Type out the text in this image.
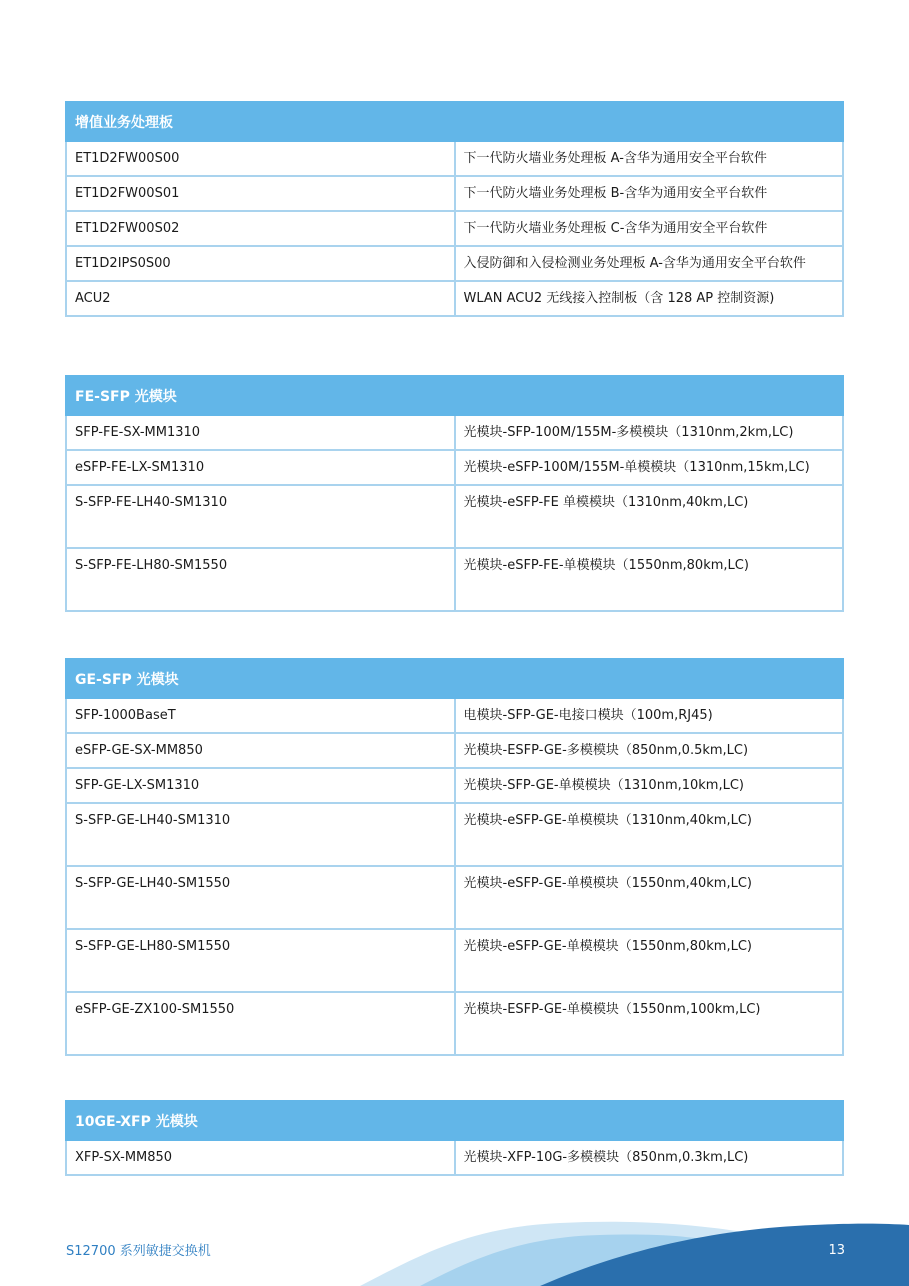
增值业务处理板	
ET1D2FW00S00	下一代防火墙业务处理板 A-含华为通用安全平台软件
ET1D2FW00S01	下一代防火墙业务处理板 B-含华为通用安全平台软件
ET1D2FW00S02	下一代防火墙业务处理板 C-含华为通用安全平台软件
ET1D2IPS0S00	入侵防御和入侵检测业务处理板 A-含华为通用安全平台软件
ACU2	WLAN ACU2 无线接入控制板（含 128 AP 控制资源)
FE-SFP 光模块	
SFP-FE-SX-MM1310	光模块-SFP-100M/155M-多模模块（1310nm,2km,LC)
eSFP-FE-LX-SM1310	光模块-eSFP-100M/155M-单模模块（1310nm,15km,LC)
S-SFP-FE-LH40-SM1310	光模块-eSFP-FE 单模模块（1310nm,40km,LC)
S-SFP-FE-LH80-SM1550	光模块-eSFP-FE-单模模块（1550nm,80km,LC)
GE-SFP 光模块	
SFP-1000BaseT	电模块-SFP-GE-电接口模块（100m,RJ45)
eSFP-GE-SX-MM850	光模块-ESFP-GE-多模模块（850nm,0.5km,LC)
SFP-GE-LX-SM1310	光模块-SFP-GE-单模模块（1310nm,10km,LC)
S-SFP-GE-LH40-SM1310	光模块-eSFP-GE-单模模块（1310nm,40km,LC)
S-SFP-GE-LH40-SM1550	光模块-eSFP-GE-单模模块（1550nm,40km,LC)
S-SFP-GE-LH80-SM1550	光模块-eSFP-GE-单模模块（1550nm,80km,LC)
eSFP-GE-ZX100-SM1550	光模块-ESFP-GE-单模模块（1550nm,100km,LC)
10GE-XFP 光模块
XFP-SX-MM850	光模块-XFP-10G-多模模块（850nm,0.3km,LC)
S12700 系列敏捷交换机	13
